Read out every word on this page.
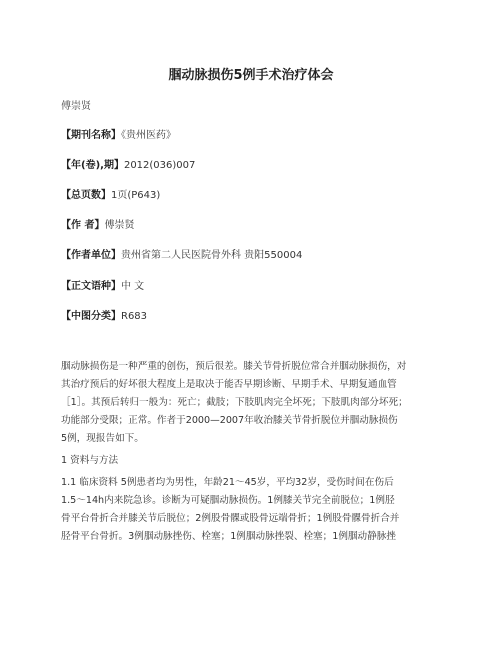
腘动脉损伤5例手术治疗体会
傅崇贤
【期刊名称】《贵州医药》
【年(卷),期】2012(036)007
【总页数】1页(P643)
【作 者】傅崇贤
【作者单位】贵州省第二人民医院骨外科 贵阳550004
【正文语种】中 文
【中图分类】R683

腘动脉损伤是一种严重的创伤，预后很差。膝关节骨折脱位常合并腘动脉损伤，对

其治疗预后的好坏很大程度上是取决于能否早期诊断、早期手术、早期复通血管

［1］。其预后转归一般为：死亡；截肢；下肢肌肉完全坏死；下肢肌肉部分坏死；

功能部分受限；正常。作者于2000—2007年收治膝关节骨折脱位并腘动脉损伤

5例，现报告如下。

1 资料与方法

1.1 临床资料 5例患者均为男性，年龄21～45岁，平均32岁，受伤时间在伤后

1.5～14h内来院急诊。诊断为可疑腘动脉损伤。1例膝关节完全前脱位；1例胫

骨平台骨折合并膝关节后脱位；2例股骨髁或股骨远端骨折；1例股骨髁骨折合并

胫骨平台骨折。3例腘动脉挫伤、栓塞；1例腘动脉挫裂、栓塞；1例腘动静脉挫
